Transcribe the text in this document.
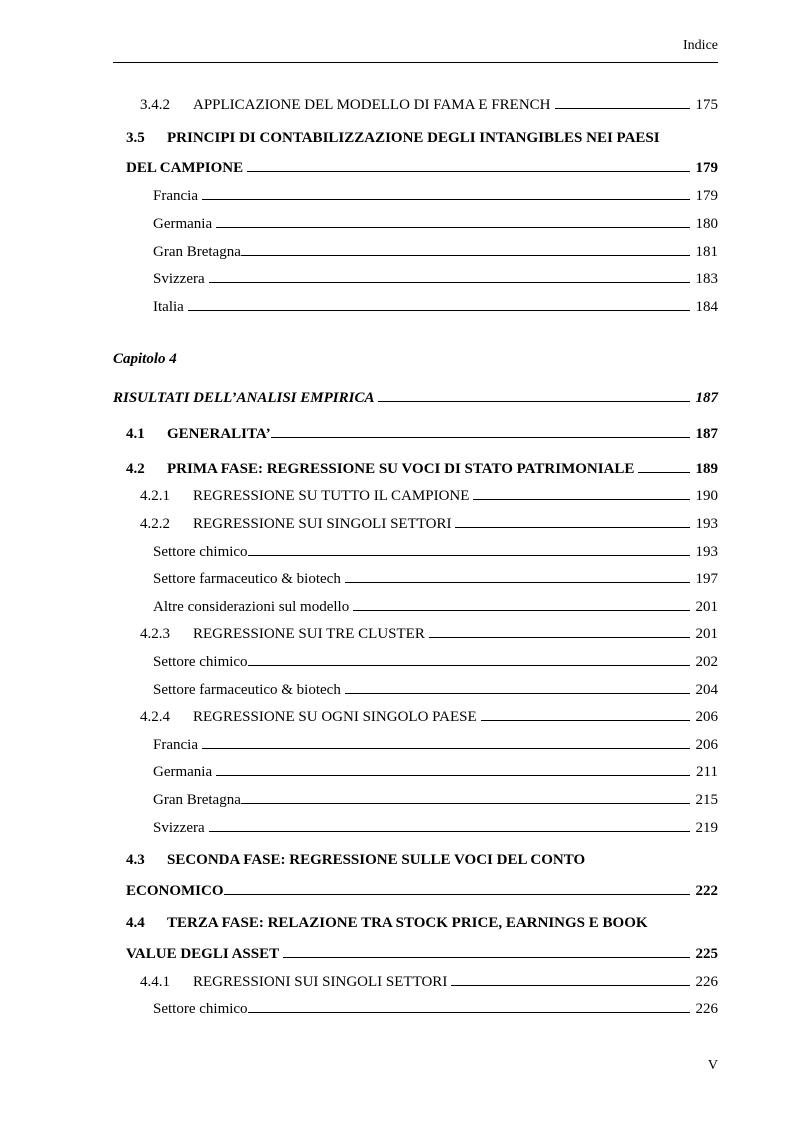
Indice
3.4.2	APPLICAZIONE DEL MODELLO DI FAMA E FRENCH	175
3.5 PRINCIPI DI CONTABILIZZAZIONE DEGLI INTANGIBLES NEI PAESI
DEL CAMPIONE	179
Francia	179
Germania	180
Gran Bretagna	181
Svizzera	183
Italia	184
Capitolo 4
RISULTATI DELL’ANALISI EMPIRICA	187
4.1	GENERALITA’	187
4.2	PRIMA FASE: REGRESSIONE SU VOCI DI STATO PATRIMONIALE	189
4.2.1	REGRESSIONE SU TUTTO IL CAMPIONE	190
4.2.2	REGRESSIONE SUI SINGOLI SETTORI	193
Settore chimico	193
Settore farmaceutico & biotech	197
Altre considerazioni sul modello	201
4.2.3	REGRESSIONE SUI TRE CLUSTER	201
Settore chimico	202
Settore farmaceutico & biotech	204
4.2.4	REGRESSIONE SU OGNI SINGOLO PAESE	206
Francia	206
Germania	211
Gran Bretagna	215
Svizzera	219
4.3 SECONDA FASE: REGRESSIONE SULLE VOCI DEL CONTO
ECONOMICO	222
4.4 TERZA FASE: RELAZIONE TRA STOCK PRICE, EARNINGS E BOOK
VALUE DEGLI ASSET	225
4.4.1	REGRESSIONI SUI SINGOLI SETTORI	226
Settore chimico	226
V
